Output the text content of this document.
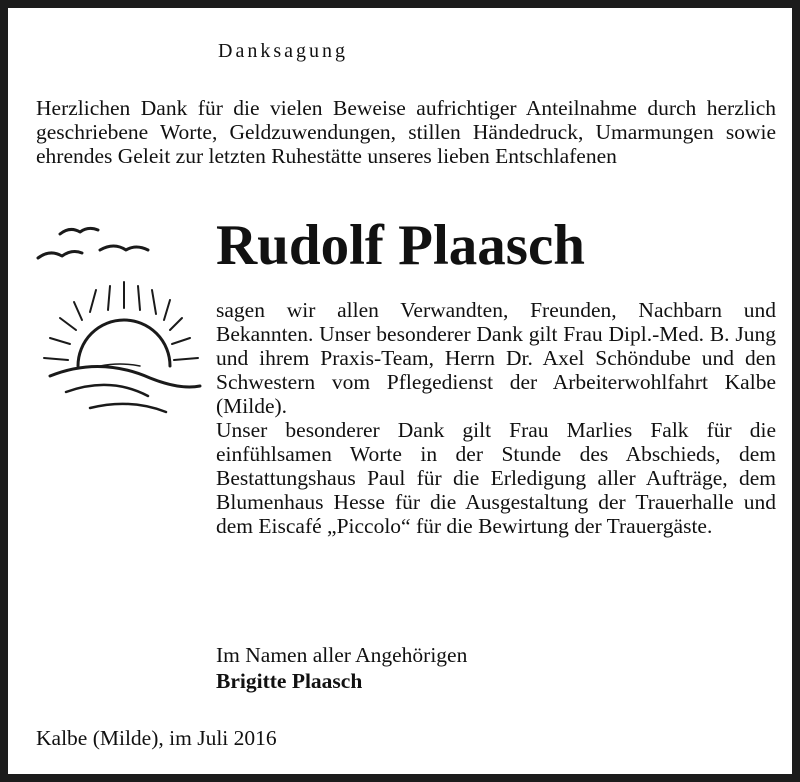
Danksagung
Herzlichen Dank für die vielen Beweise aufrichtiger Anteilnahme durch herzlich geschriebene Worte, Geldzuwendungen, stillen Händedruck, Umarmungen sowie ehrendes Geleit zur letzten Ruhestätte unseres lieben Entschlafenen
Rudolf Plaasch

sagen wir allen Verwandten, Freunden, Nachbarn und Bekannten. Unser besonderer Dank gilt Frau Dipl.-Med. B. Jung und ihrem Praxis-Team, Herrn Dr. Axel Schöndube und den Schwestern vom Pflegedienst der Arbeiterwohlfahrt Kalbe (Milde).

Unser besonderer Dank gilt Frau Marlies Falk für die einfühlsamen Worte in der Stunde des Abschieds, dem Bestattungshaus Paul für die Erledigung aller Aufträge, dem Blumenhaus Hesse für die Ausgestaltung der Trauerhalle und dem Eiscafé „Piccolo“ für die Bewirtung der Trauergäste.

Im Namen aller Angehörigen
Brigitte Plaasch
Kalbe (Milde), im Juli 2016
